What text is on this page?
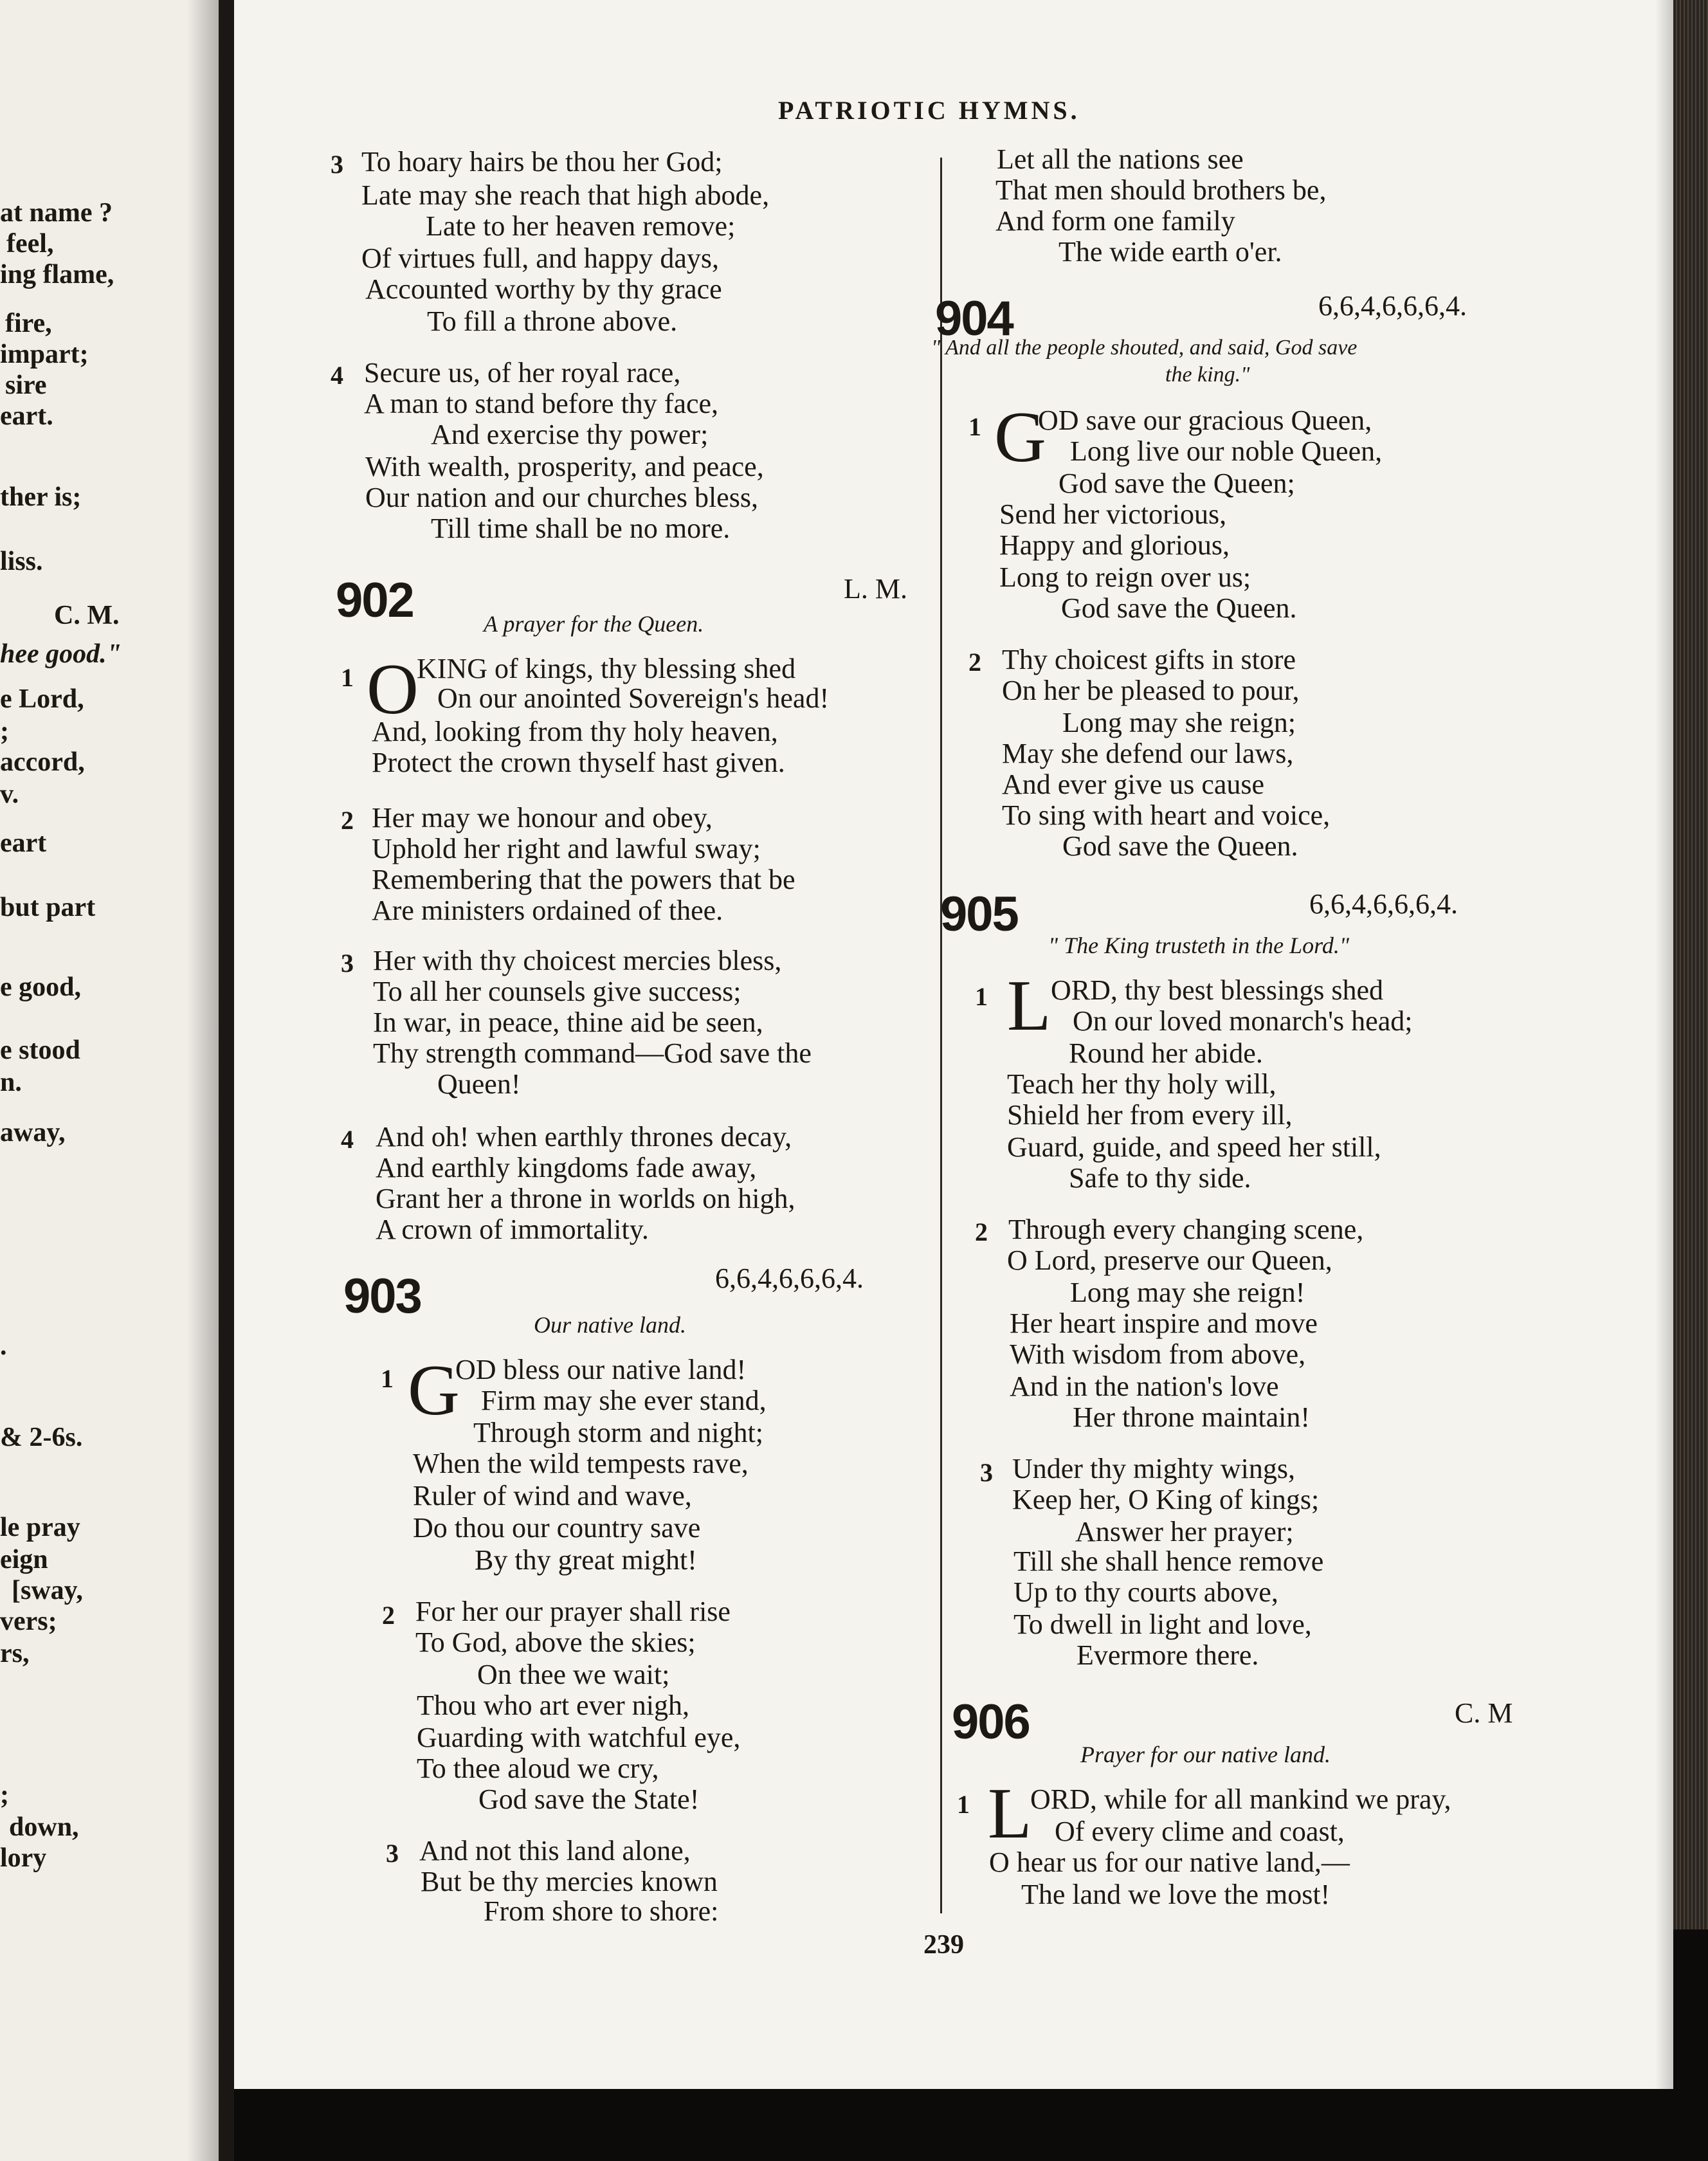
at name ?
feel,
ing flame,
fire,
impart;
sire
eart.
ther is;
liss.
C. M.
hee good."
e Lord,
;
accord,
v.
eart
but part
e good,
e stood
n.
away,
.
& 2-6s.
le pray
eign
[sway,
vers;
rs,
;
down,
lory
PATRIOTIC HYMNS.
3 To hoary hairs be thou her God;
Late may she reach that high abode,
Late to her heaven remove;
Of virtues full, and happy days,
Accounted worthy by thy grace
To fill a throne above.
4 Secure us, of her royal race,
A man to stand before thy face,
And exercise thy power;
With wealth, prosperity, and peace,
Our nation and our churches bless,
Till time shall be no more.
902	L. M.
A prayer for the Queen.
1 O
KING of kings, thy blessing shed
On our anointed Sovereign's head!
And, looking from thy holy heaven,
Protect the crown thyself hast given.
2 Her may we honour and obey,
Uphold her right and lawful sway;
Remembering that the powers that be
Are ministers ordained of thee.
3 Her with thy choicest mercies bless,
To all her counsels give success;
In war, in peace, thine aid be seen,
Thy strength command—God save the
Queen!
4 And oh! when earthly thrones decay,
And earthly kingdoms fade away,
Grant her a throne in worlds on high,
A crown of immortality.
903	6,6,4,6,6,6,4.
Our native land.
1 G
OD bless our native land!
Firm may she ever stand,
Through storm and night;
When the wild tempests rave,
Ruler of wind and wave,
Do thou our country save
By thy great might!
2 For her our prayer shall rise
To God, above the skies;
On thee we wait;
Thou who art ever nigh,
Guarding with watchful eye,
To thee aloud we cry,
God save the State!
3 And not this land alone,
But be thy mercies known
From shore to shore:
Let all the nations see
That men should brothers be,
And form one family
The wide earth o'er.
904	6,6,4,6,6,6,4.
" And all the people shouted, and said, God save
the king."
1 G
OD save our gracious Queen,
Long live our noble Queen,
God save the Queen;
Send her victorious,
Happy and glorious,
Long to reign over us;
God save the Queen.
2 Thy choicest gifts in store
On her be pleased to pour,
Long may she reign;
May she defend our laws,
And ever give us cause
To sing with heart and voice,
God save the Queen.
905	6,6,4,6,6,6,4.
" The King trusteth in the Lord."
1 L ORD, thy best blessings shed
On our loved monarch's head;
Round her abide.
Teach her thy holy will,
Shield her from every ill,
Guard, guide, and speed her still,
Safe to thy side.
2 Through every changing scene,
O Lord, preserve our Queen,
Long may she reign!
Her heart inspire and move
With wisdom from above,
And in the nation's love
Her throne maintain!
3 Under thy mighty wings,
Keep her, O King of kings;
Answer her prayer;
Till she shall hence remove
Up to thy courts above,
To dwell in light and love,
Evermore there.
906	C. M
Prayer for our native land.
1 L
ORD, while for all mankind we pray,
Of every clime and coast,
O hear us for our native land,—
The land we love the most!
239
